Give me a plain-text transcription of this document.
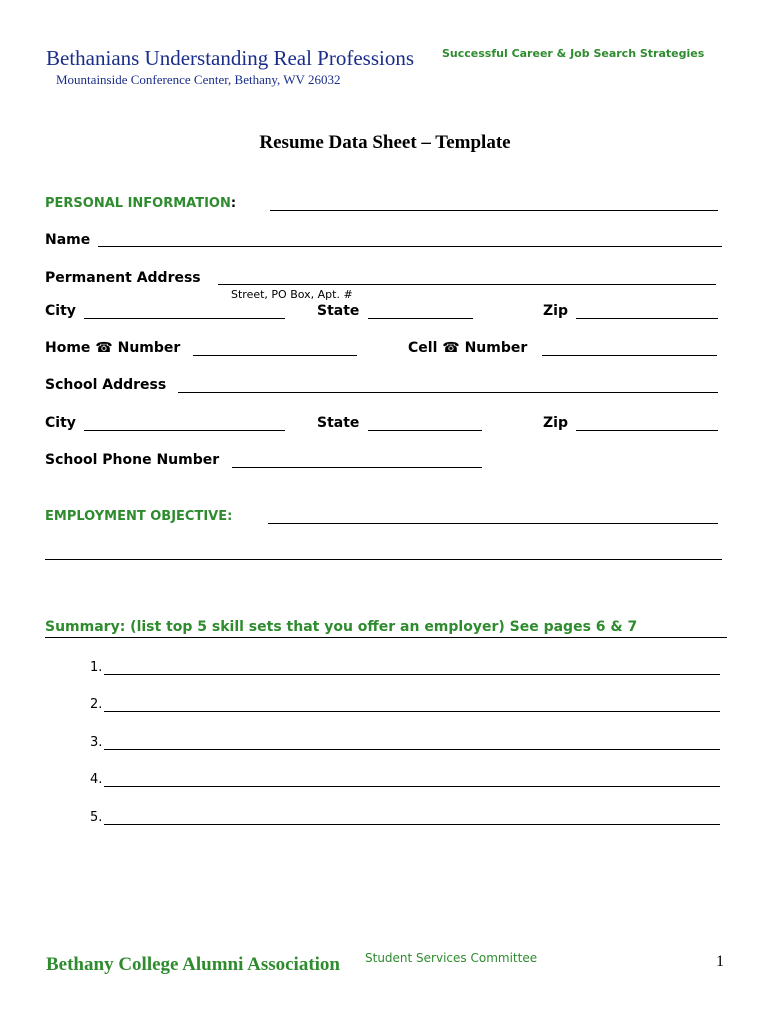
Bethanians Understanding Real Professions	Successful Career & Job Search Strategies
Mountainside Conference Center, Bethany, WV 26032
Resume Data Sheet – Template
PERSONAL INFORMATION:
Name
Permanent Address
Street, PO Box, Apt. #
City	State	Zip
Home ☎ Number	Cell ☎ Number
School Address
City	State	Zip
School Phone Number
EMPLOYMENT OBJECTIVE:
Summary: (list top 5 skill sets that you offer an employer) See pages 6 & 7
1.
2.
3.
4.
5.
Bethany College Alumni Association Student Services Committee	1
